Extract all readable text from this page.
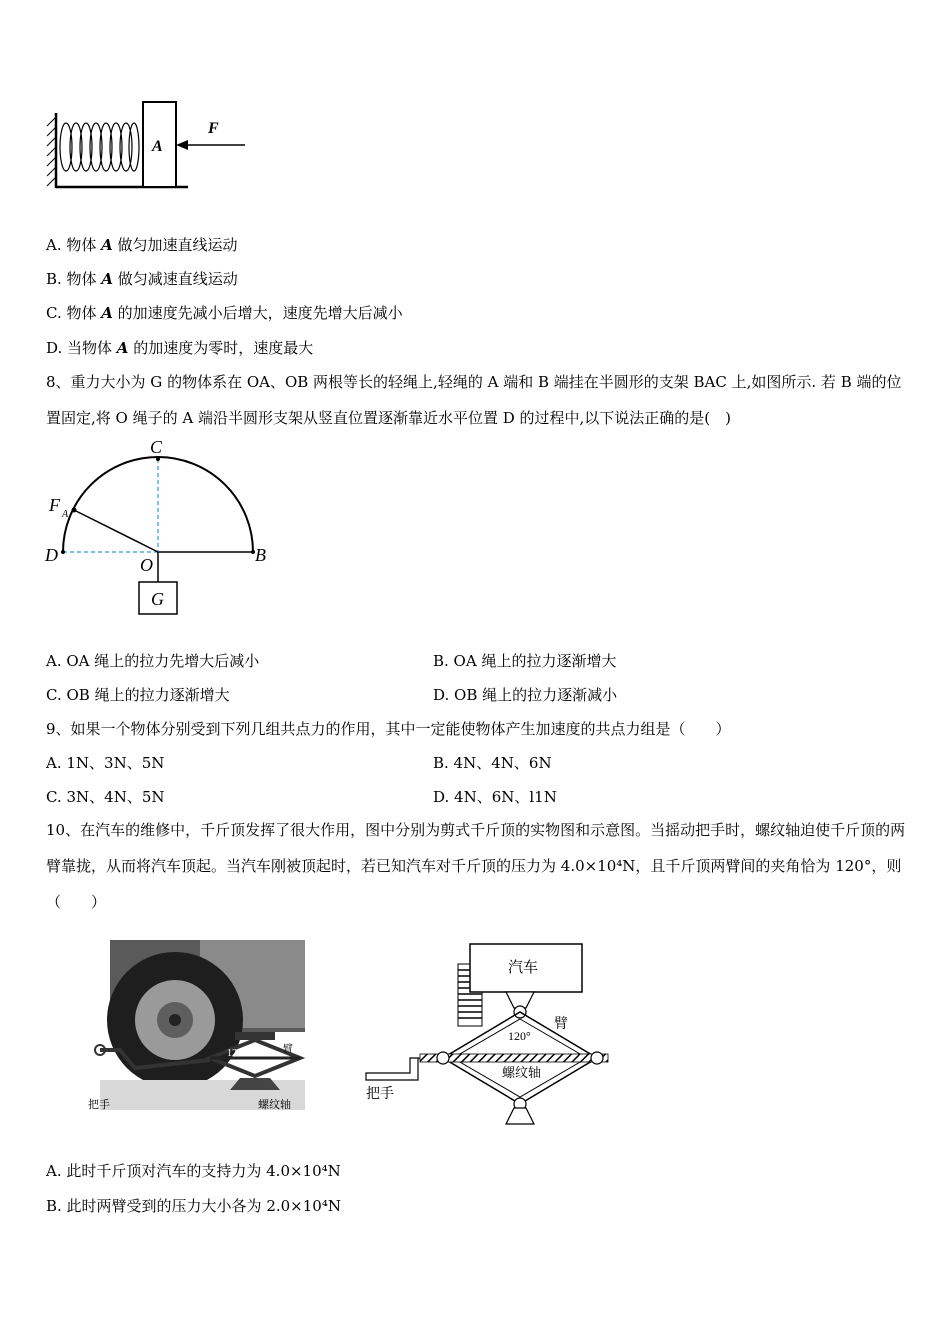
A
F
A. 物体 A 做匀加速直线运动
B. 物体 A 做匀减速直线运动
C. 物体 A 的加速度先减小后增大，速度先增大后减小
D. 当物体 A 的加速度为零时，速度最大
8、重力大小为 G 的物体系在 OA、OB 两根等长的轻绳上,轻绳的 A 端和 B 端挂在半圆形的支架 BAC 上,如图所示. 若 B 端的位置固定,将 O 绳子的 A 端沿半圆形支架从竖直位置逐渐靠近水平位置 D 的过程中,以下说法正确的是(　)
C
F A
D	O	B
G
A. OA 绳上的拉力先增大后减小	B. OA 绳上的拉力逐渐增大
C. OB 绳上的拉力逐渐增大	D. OB 绳上的拉力逐渐减小
9、如果一个物体分别受到下列几组共点力的作用，其中一定能使物体产生加速度的共点力组是（　　）
A. 1N、3N、5N	B. 4N、4N、6N
C. 3N、4N、5N	D. 4N、6N、l1N
10、在汽车的维修中，千斤顶发挥了很大作用，图中分别为剪式千斤顶的实物图和示意图。当摇动把手时，螺纹轴迫使千斤顶的两臂靠拢，从而将汽车顶起。当汽车刚被顶起时，若已知汽车对千斤顶的压力为 4.0×10⁴N，且千斤顶两臂间的夹角恰为 120°，则（　　）
120	臂
把手	螺纹轴
汽车
120°
臂
螺纹轴
把手
A. 此时千斤顶对汽车的支持力为 4.0×10⁴N
B. 此时两臂受到的压力大小各为 2.0×10⁴N
